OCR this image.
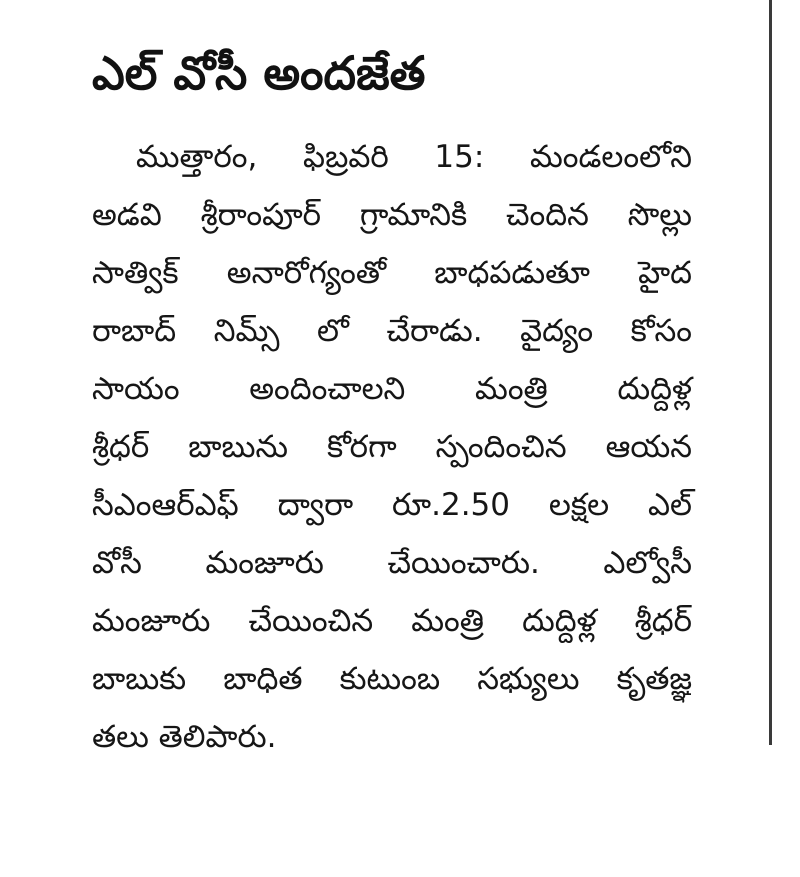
ఎల్ వోసీ అందజేత
ముత్తారం, ఫిబ్రవరి 15: మండలంలోని
అడవి శ్రీరాంపూర్ గ్రామానికి చెందిన సొల్లు
సాత్విక్ అనారోగ్యంతో బాధపడుతూ హైద
రాబాద్ నిమ్స్ లో చేరాడు. వైద్యం కోసం
సాయం అందించాలని మంత్రి దుద్దిళ్ల
శ్రీధర్ బాబును కోరగా స్పందించిన ఆయన
సీఎంఆర్ఎఫ్ ద్వారా రూ.2.50 లక్షల ఎల్
వోసీ మంజూరు చేయించారు. ఎల్వోసీ
మంజూరు చేయించిన మంత్రి దుద్దిళ్ల శ్రీధర్
బాబుకు బాధిత కుటుంబ సభ్యులు కృతజ్ఞ
తలు తెలిపారు.
